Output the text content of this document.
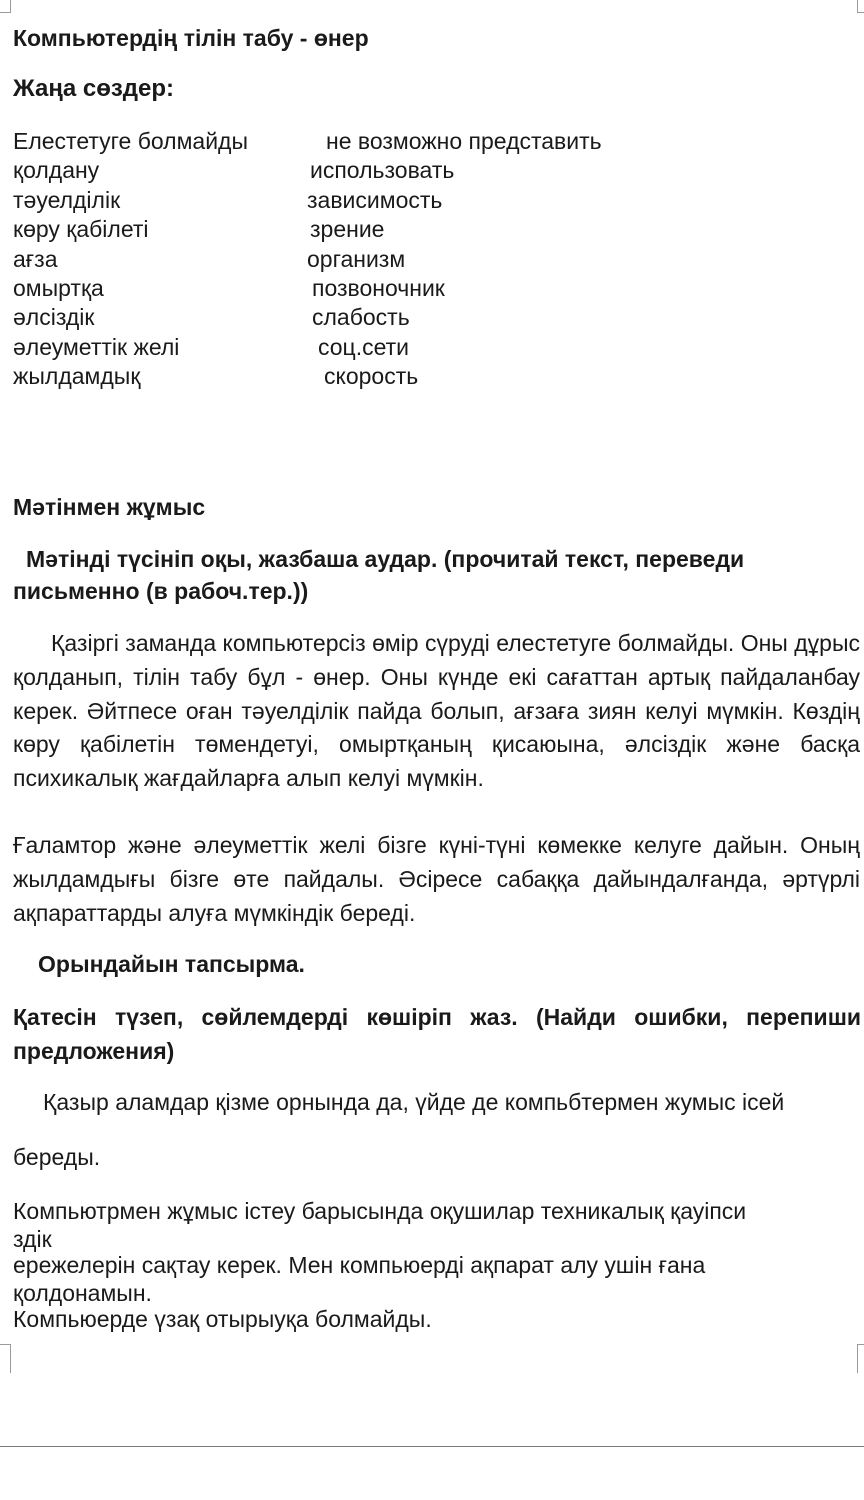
Компьютердің тілін табу - өнер
Жаңа сөздер:
Елестетуге болмайды	не возможно представить
қолдану	использовать
тәуелділік	зависимость
көру қабілеті	зрение
ағза	организм
омыртқа	позвоночник
әлсіздік	слабость
әлеуметтік желі	соц.сети
жылдамдық	скорость
Мәтінмен жұмыс

Мәтінді түсініп оқы, жазбаша аудар. (прочитай текст, переведи письменно (в рабоч.тер.))

Қазіргі заманда компьютерсіз өмір сүруді елестетуге болмайды. Оны дұрыс қолданып, тілін табу бұл - өнер. Оны күнде екі сағаттан артық пайдаланбау керек. Әйтпесе оған тәуелділік пайда болып, ағзаға зиян келуі мүмкін. Көздің көру қабілетін төмендетуі, омыртқаның қисаюына, әлсіздік және басқа психикалық жағдайларға алып келуі мүмкін.

Ғаламтор және әлеуметтік желі бізге күні-түні көмекке келуге дайын. Оның жылдамдығы бізге өте пайдалы. Әсіресе сабаққа дайындалғанда, әртүрлі ақпараттарды алуға мүмкіндік береді.

Орындайын тапсырма.

Қатесін түзеп, сөйлемдерді көшіріп жаз. (Найди ошибки, перепиши предложения)

Қазыр аламдар қізме орнында да, үйде де компьбтермен жумыс ісей

береды.

Компьютрмен жұмыс істеу барысында оқушилар техникалық қауіпси

здік

ережелерін сақтау керек. Мен компьюерді ақпарат алу ушін ғана

қолдонамын.

Компьюерде үзақ отырыуқа болмайды.
